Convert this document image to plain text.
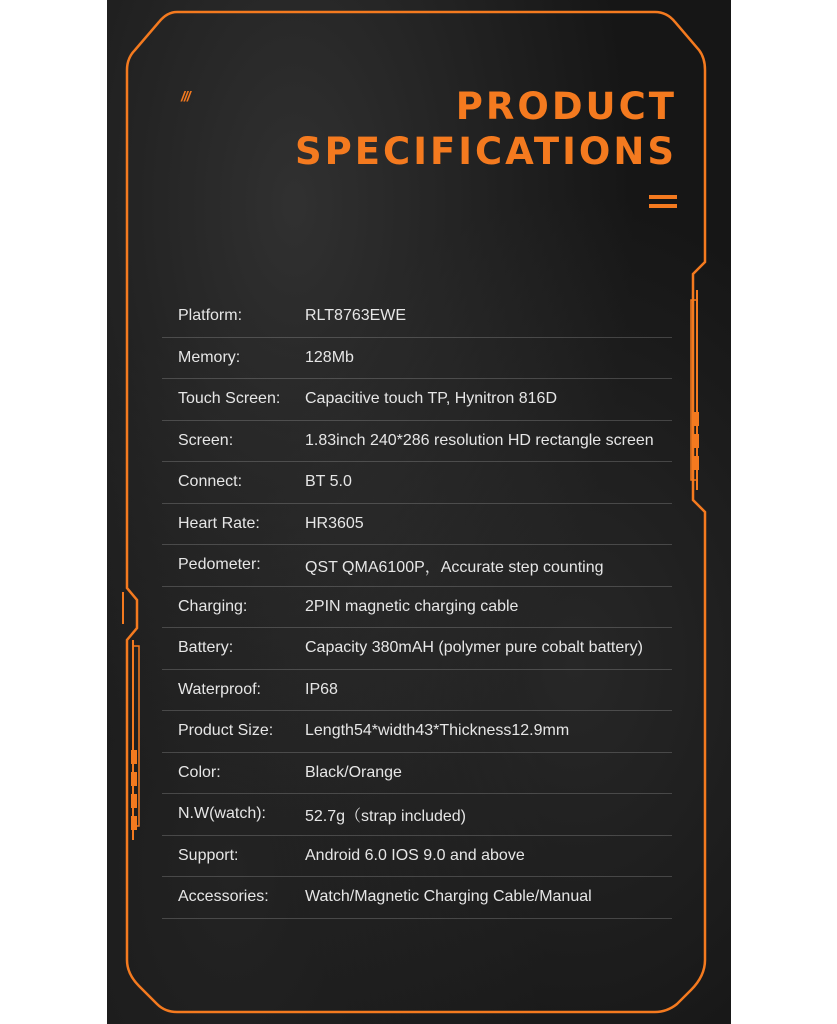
///	PRODUCT
SPECIFICATIONS
Platform:	RLT8763EWE
Memory:	128Mb
Touch Screen:	Capacitive touch TP, Hynitron 816D
Screen:	1.83inch 240*286 resolution HD rectangle screen
Connect:	BT 5.0
Heart Rate:	HR3605
Pedometer:	QST QMA6100P，Accurate step counting
Charging:	2PIN magnetic charging cable
Battery:	Capacity 380mAH (polymer pure cobalt battery)
Waterproof:	IP68
Product Size:	Length54*width43*Thickness12.9mm
Color:	Black/Orange
N.W(watch):	52.7g（strap included)
Support:	Android 6.0 IOS 9.0 and above
Accessories:	Watch/Magnetic Charging Cable/Manual
